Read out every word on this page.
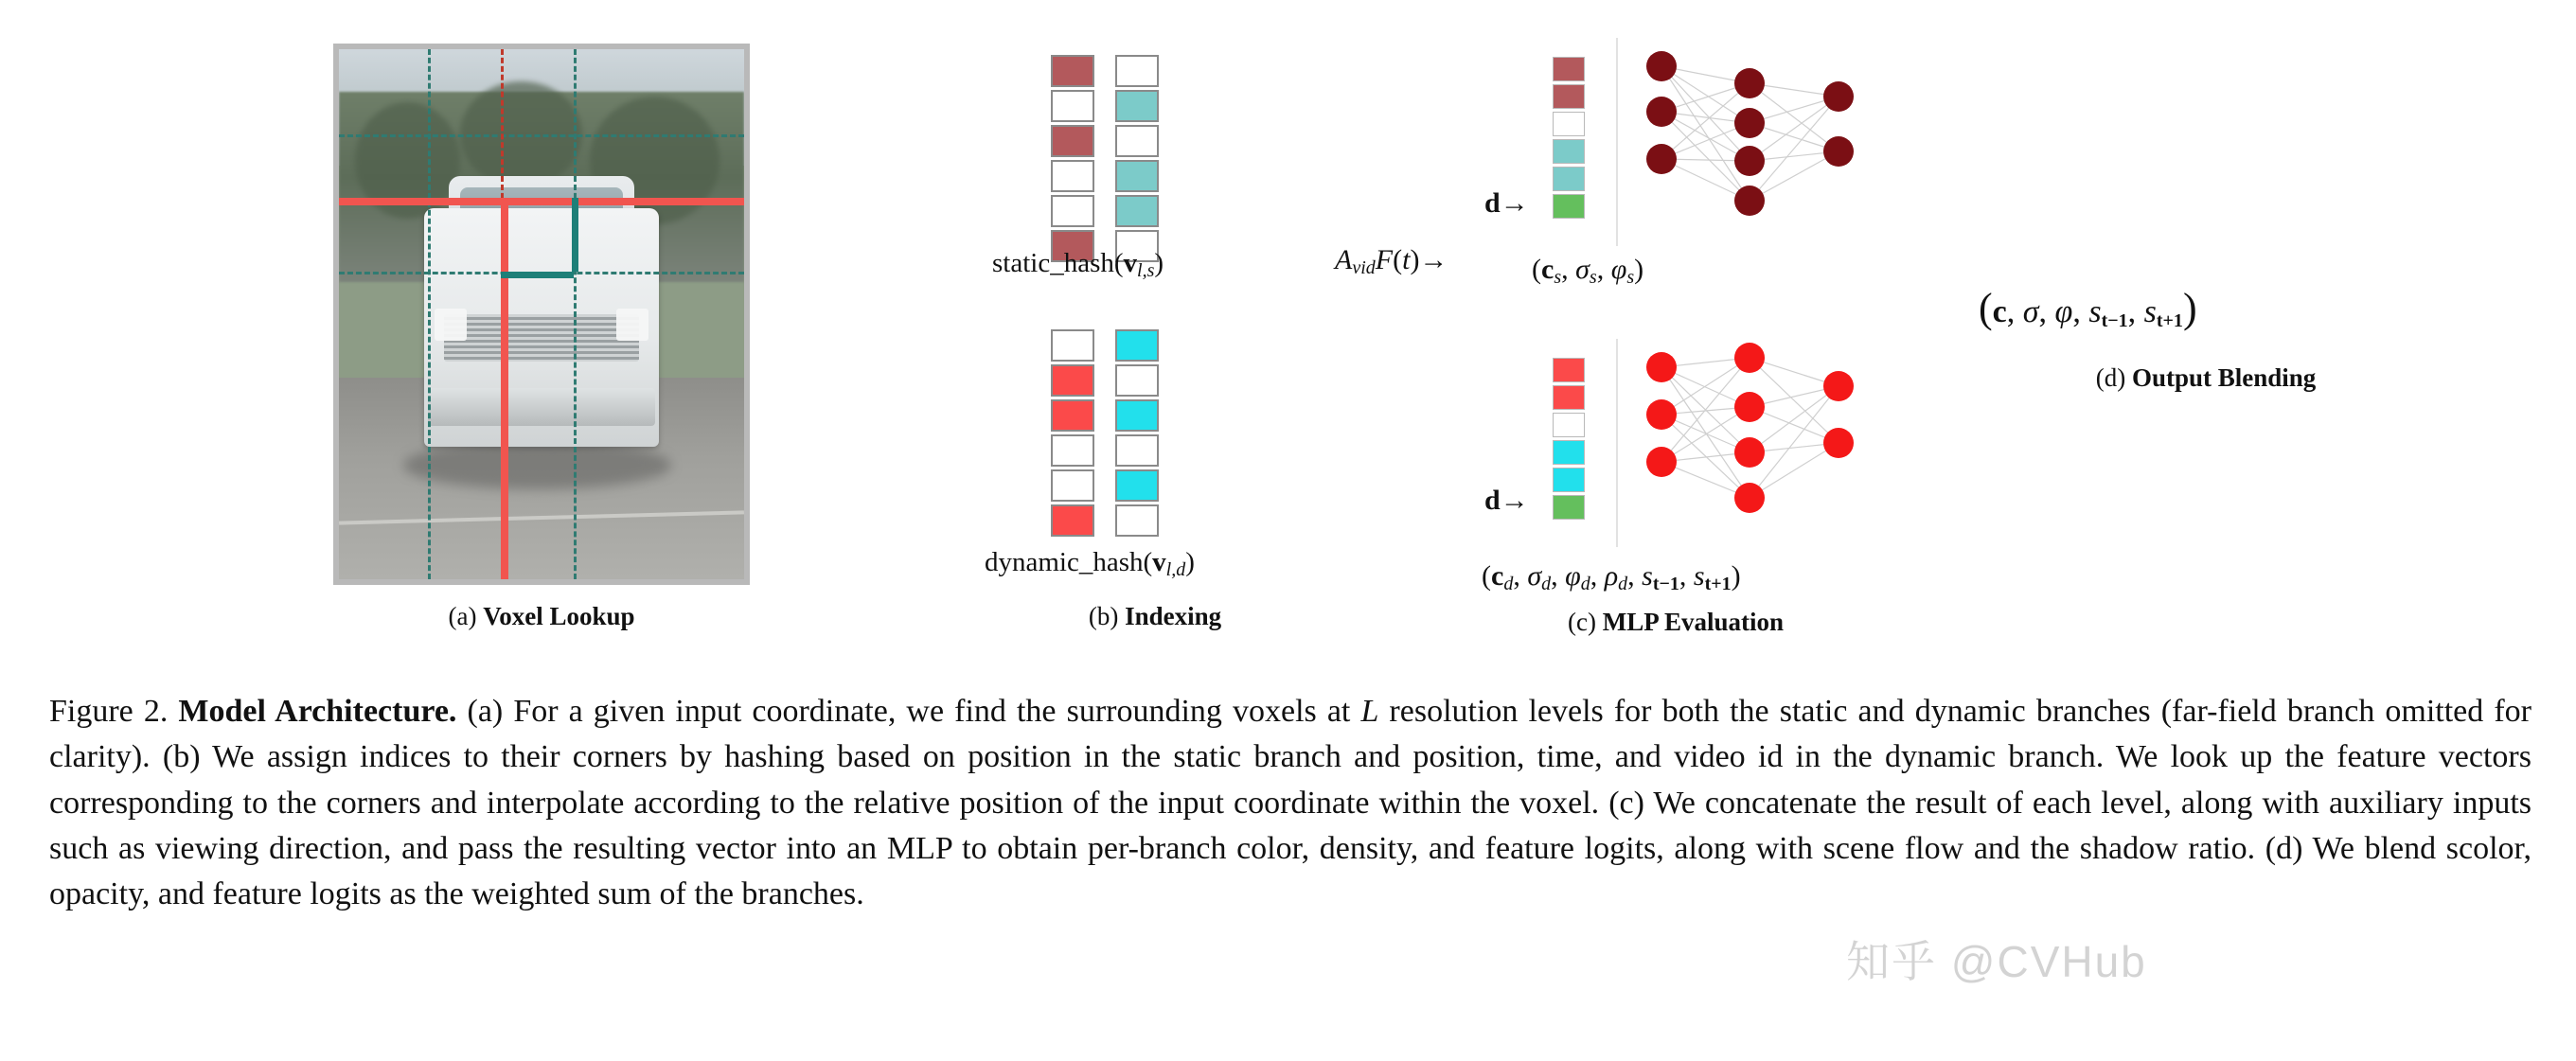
(a) Voxel Lookup
$static\_hash(v_{l,s})$
$dynamic\_hash(v_{l,d})$
(b) Indexing
$A_{vid}F(t)\to$
d→
($c_s$, $\sigma_s$, $\varphi_s$)
d→
($c_d$, $\sigma_d$, $\varphi_d$, $\rho_d$, $s_{t-1}$, $s_{t+1}$)
(c) MLP Evaluation
(c, σ, φ, $s_{t-1}$, $s_{t+1}$)
(d) Output Blending
Figure 2. Model Architecture. (a) For a given input coordinate, we find the surrounding voxels at L resolution levels for both the static and dynamic branches (far-field branch omitted for clarity). (b) We assign indices to their corners by hashing based on position in the static branch and position, time, and video id in the dynamic branch. We look up the feature vectors corresponding to the corners and interpolate according to the relative position of the input coordinate within the voxel. (c) We concatenate the result of each level, along with auxiliary inputs such as viewing direction, and pass the resulting vector into an MLP to obtain per-branch color, density, and feature logits, along with scene flow and the shadow ratio. (d) We blend scolor, opacity, and feature logits as the weighted sum of the branches.
知乎 @CVHub
